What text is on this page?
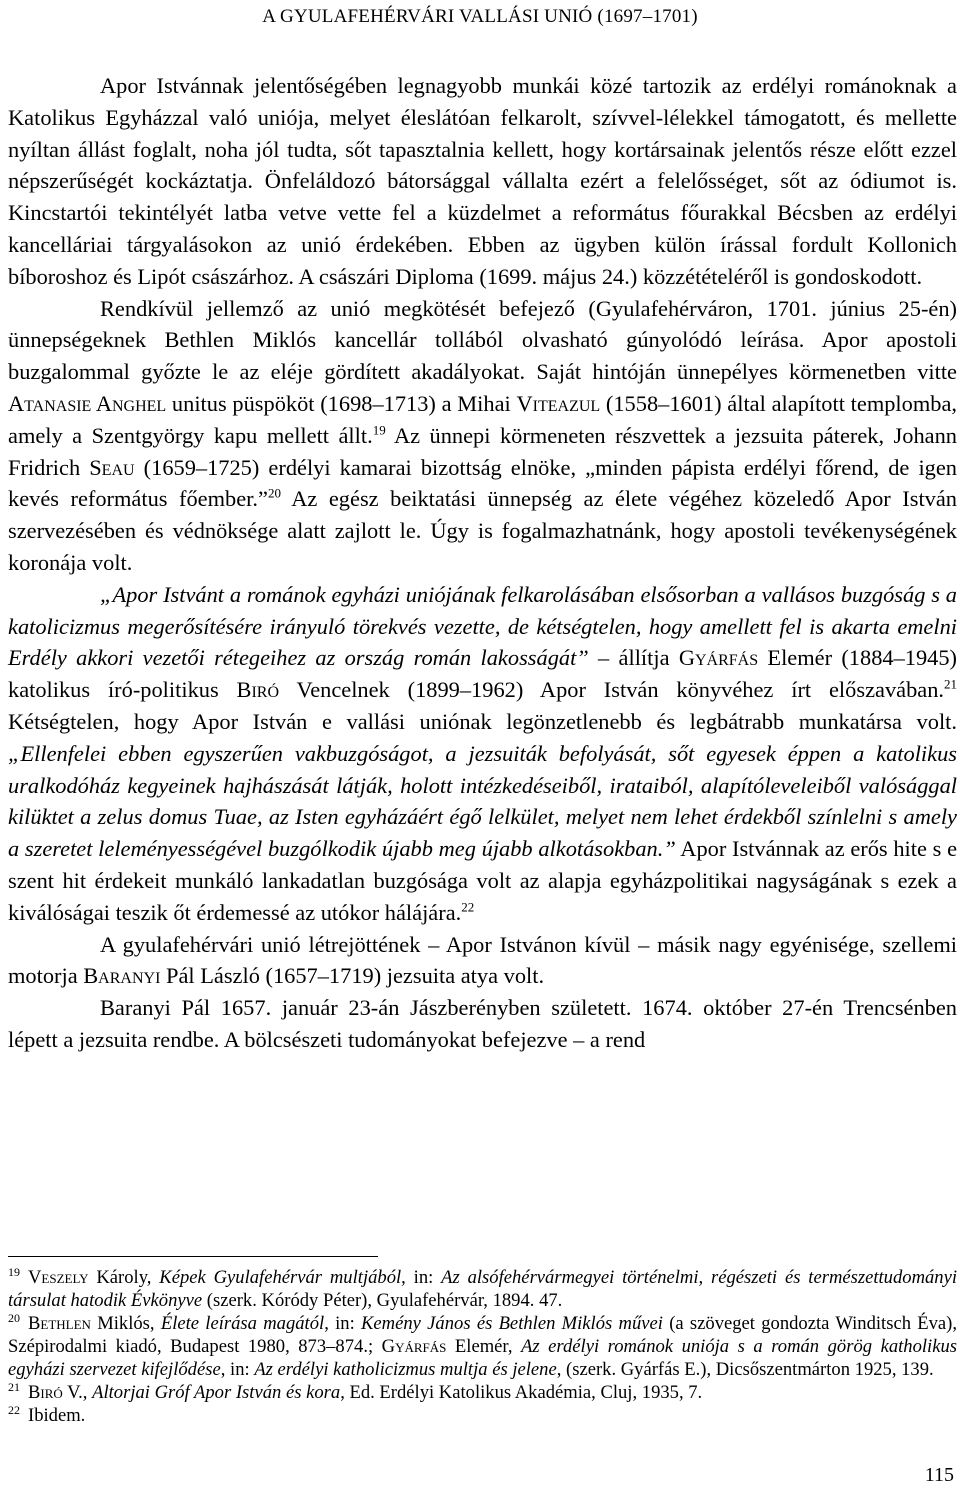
A GYULAFEHÉRVÁRI VALLÁSI UNIÓ (1697–1701)

Apor Istvánnak jelentőségében legnagyobb munkái közé tartozik az erdélyi románoknak a Katolikus Egyházzal való uniója, melyet éleslátóan felkarolt, szívvel-lélekkel támogatott, és mellette nyíltan állást foglalt, noha jól tudta, sőt tapasztalnia kellett, hogy kortársainak jelentős része előtt ezzel népszerűségét kockáztatja. Önfeláldozó bátorsággal vállalta ezért a felelősséget, sőt az ódiumot is. Kincstartói tekintélyét latba vetve vette fel a küzdelmet a református főurakkal Bécsben az erdélyi kancelláriai tárgyalásokon az unió érdekében. Ebben az ügyben külön írással fordult Kollonich bíboroshoz és Lipót császárhoz. A császári Diploma (1699. május 24.) közzétételéről is gondoskodott.

Rendkívül jellemző az unió megkötését befejező (Gyulafehérváron, 1701. június 25-én) ünnepségeknek Bethlen Miklós kancellár tollából olvasható gúnyolódó leírása. Apor apostoli buzgalommal győzte le az eléje gördített akadályokat. Saját hintóján ünnepélyes körmenetben vitte Atanasie Anghel unitus püspököt (1698–1713) a Mihai Viteazul (1558–1601) által alapított templomba, amely a Szentgyörgy kapu mellett állt.$^{19}$ Az ünnepi körmeneten részvettek a jezsuita páterek, Johann Fridrich Seau (1659–1725) erdélyi kamarai bizottság elnöke, „minden pápista erdélyi főrend, de igen kevés református főember.”$^{20}$ Az egész beiktatási ünnepség az élete végéhez közeledő Apor István szervezésében és védnöksége alatt zajlott le. Úgy is fogalmazhatnánk, hogy apostoli tevékenységének koronája volt.

„Apor Istvánt a románok egyházi uniójának felkarolásában elsősorban a vallásos buzgóság s a katolicizmus megerősítésére irányuló törekvés vezette, de kétségtelen, hogy amellett fel is akarta emelni Erdély akkori vezetői rétegeihez az ország román lakosságát” – állítja Gyárfás Elemér (1884–1945) katolikus író-politikus Biró Vencelnek (1899–1962) Apor István könyvéhez írt előszavában.$^{21}$ Kétségtelen, hogy Apor István e vallási uniónak legönzetlenebb és legbátrabb munkatársa volt. „Ellenfelei ebben egyszerűen vakbuzgóságot, a jezsuiták befolyását, sőt egyesek éppen a katolikus uralkodóház kegyeinek hajhászását látják, holott intézkedéseiből, irataiból, alapítóleveleiből valósággal kilüktet a zelus domus Tuae, az Isten egyházáért égő lelkület, melyet nem lehet érdekből színlelni s amely a szeretet leleményességével buzgólkodik újabb meg újabb alkotásokban.” Apor Istvánnak az erős hite s e szent hit érdekeit munkáló lankadatlan buzgósága volt az alapja egyházpolitikai nagyságának s ezek a kiválóságai teszik őt érdemessé az utókor hálájára.$^{22}$

A gyulafehérvári unió létrejöttének – Apor Istvánon kívül – másik nagy egyénisége, szellemi motorja Baranyi Pál László (1657–1719) jezsuita atya volt.

Baranyi Pál 1657. január 23-án Jászberényben született. 1674. október 27-én Trencsénben lépett a jezsuita rendbe. A bölcsészeti tudományokat befejezve – a rend

$^{19}$ Veszely Károly, Képek Gyulafehérvár multjából, in: Az alsófehérvármegyei történelmi, régészeti és természettudományi társulat hatodik Évkönyve (szerk. Kóródy Péter), Gyulafehérvár, 1894. 47.

$^{20}$ Bethlen Miklós, Élete leírása magától, in: Kemény János és Bethlen Miklós művei (a szöveget gondozta Winditsch Éva), Szépirodalmi kiadó, Budapest 1980, 873–874.; Gyárfás Elemér, Az erdélyi románok uniója s a román görög katholikus egyházi szervezet kifejlődése, in: Az erdélyi katholicizmus multja és jelene, (szerk. Gyárfás E.), Dicsőszentmárton 1925, 139.

$^{21}$ Biró V., Altorjai Gróf Apor István és kora, Ed. Erdélyi Katolikus Akadémia, Cluj, 1935, 7.

$^{22}$ Ibidem.

115
